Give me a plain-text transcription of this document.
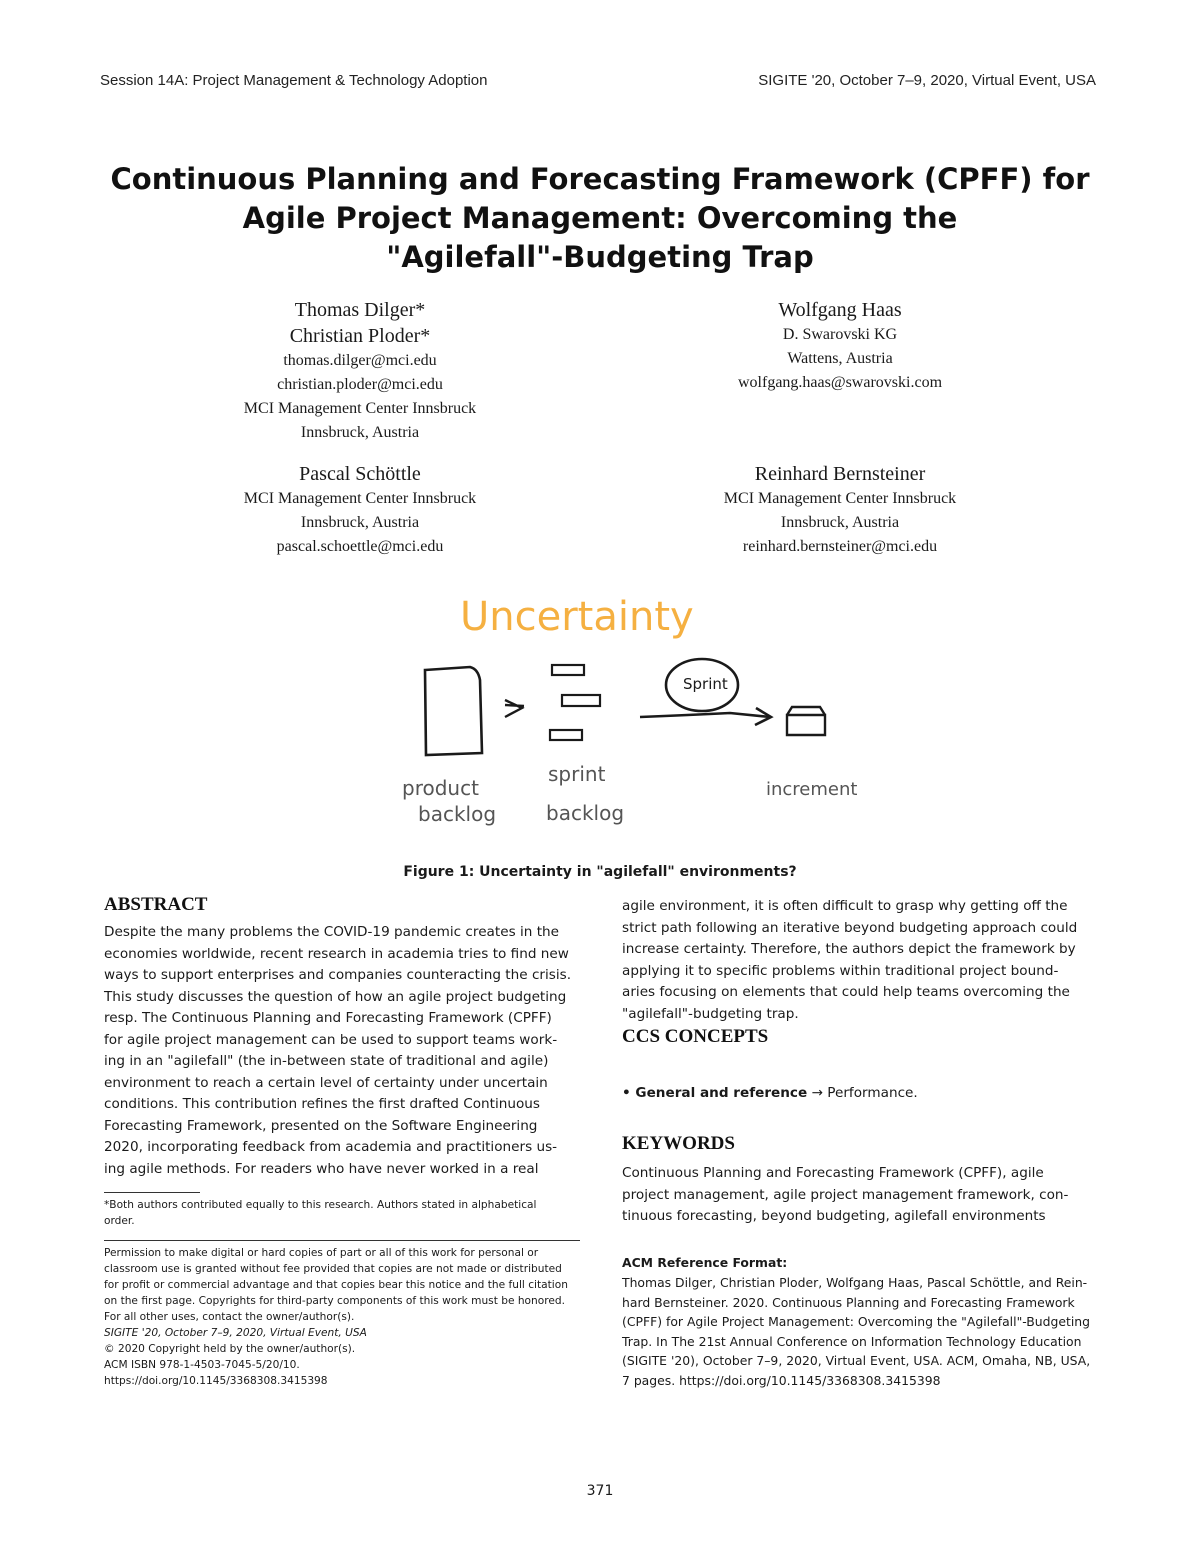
Session 14A: Project Management & Technology Adoption	SIGITE '20, October 7–9, 2020, Virtual Event, USA
Continuous Planning and Forecasting Framework (CPFF) for
Agile Project Management: Overcoming the
"Agilefall"-Budgeting Trap
Thomas Dilger*
Christian Ploder*
thomas.dilger@mci.edu
christian.ploder@mci.edu
MCI Management Center Innsbruck
Innsbruck, Austria
Wolfgang Haas
D. Swarovski KG
Wattens, Austria
wolfgang.haas@swarovski.com
Pascal Schöttle
MCI Management Center Innsbruck
Innsbruck, Austria
pascal.schoettle@mci.edu
Reinhard Bernsteiner
MCI Management Center Innsbruck
Innsbruck, Austria
reinhard.bernsteiner@mci.edu
Uncertainty
Sprint
product
backlog
sprint
backlog
increment
Figure 1: Uncertainty in "agilefall" environments?
ABSTRACT
Despite the many problems the COVID-19 pandemic creates in the
economies worldwide, recent research in academia tries to find new
ways to support enterprises and companies counteracting the crisis.
This study discusses the question of how an agile project budgeting
resp. The Continuous Planning and Forecasting Framework (CPFF)
for agile project management can be used to support teams work-
ing in an "agilefall" (the in-between state of traditional and agile)
environment to reach a certain level of certainty under uncertain
conditions. This contribution refines the first drafted Continuous
Forecasting Framework, presented on the Software Engineering
2020, incorporating feedback from academia and practitioners us-
ing agile methods. For readers who have never worked in a real
*Both authors contributed equally to this research. Authors stated in alphabetical
order.
Permission to make digital or hard copies of part or all of this work for personal or
classroom use is granted without fee provided that copies are not made or distributed
for profit or commercial advantage and that copies bear this notice and the full citation
on the first page. Copyrights for third-party components of this work must be honored.
For all other uses, contact the owner/author(s).
SIGITE '20, October 7–9, 2020, Virtual Event, USA
© 2020 Copyright held by the owner/author(s).
ACM ISBN 978-1-4503-7045-5/20/10.
https://doi.org/10.1145/3368308.3415398
agile environment, it is often difficult to grasp why getting off the
strict path following an iterative beyond budgeting approach could
increase certainty. Therefore, the authors depict the framework by
applying it to specific problems within traditional project bound-
aries focusing on elements that could help teams overcoming the
"agilefall"-budgeting trap.
CCS CONCEPTS
• General and reference → Performance.
KEYWORDS
Continuous Planning and Forecasting Framework (CPFF), agile
project management, agile project management framework, con-
tinuous forecasting, beyond budgeting, agilefall environments
ACM Reference Format:
Thomas Dilger, Christian Ploder, Wolfgang Haas, Pascal Schöttle, and Rein-
hard Bernsteiner. 2020. Continuous Planning and Forecasting Framework
(CPFF) for Agile Project Management: Overcoming the "Agilefall"-Budgeting
Trap. In The 21st Annual Conference on Information Technology Education
(SIGITE '20), October 7–9, 2020, Virtual Event, USA. ACM, Omaha, NB, USA,
7 pages. https://doi.org/10.1145/3368308.3415398
371
